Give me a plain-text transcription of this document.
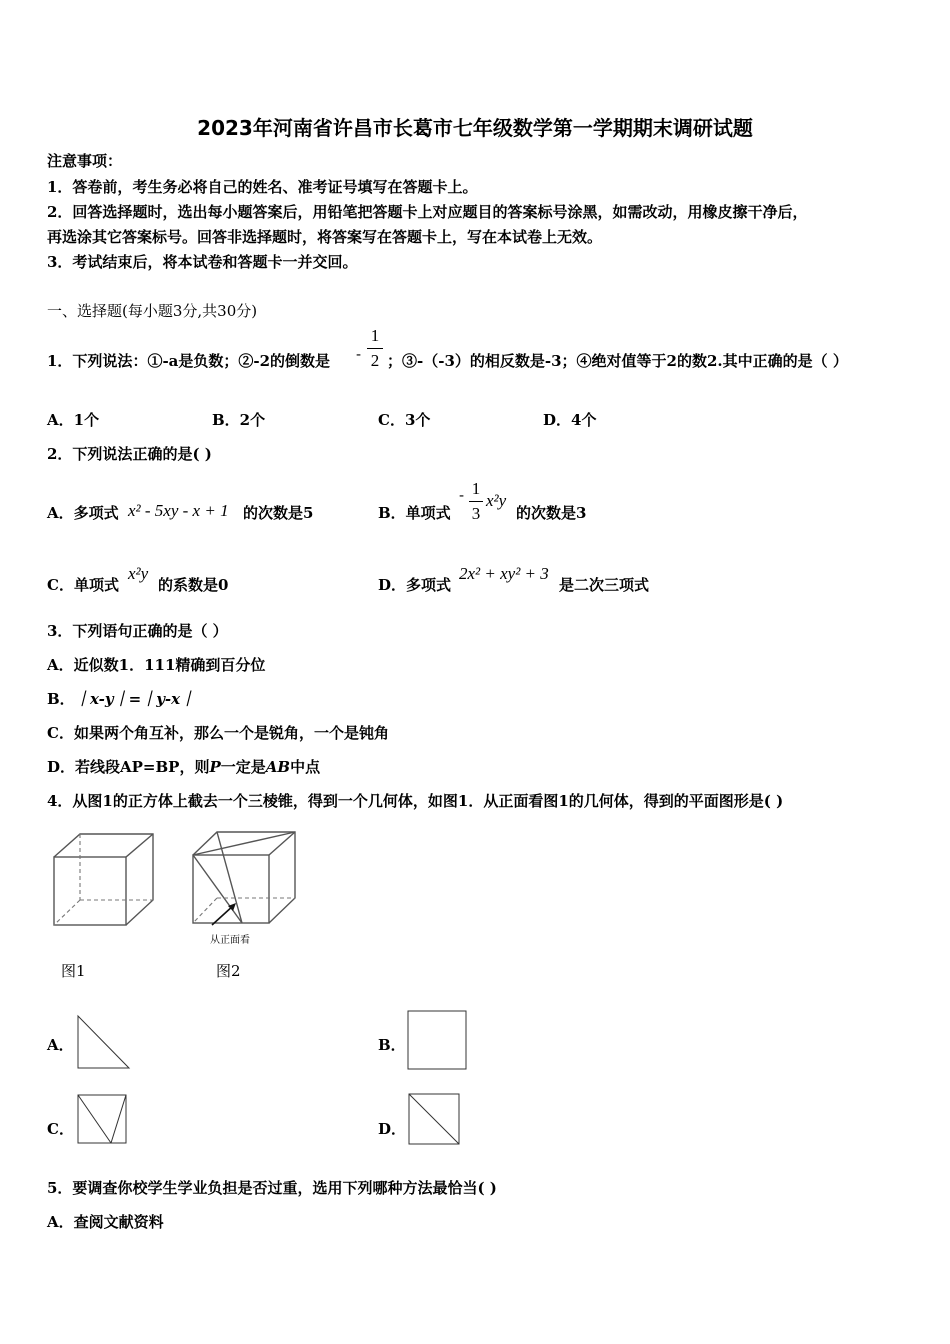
2023年河南省许昌市长葛市七年级数学第一学期期末调研试题
注意事项：
1．答卷前，考生务必将自己的姓名、准考证号填写在答题卡上。
2．回答选择题时，选出每小题答案后，用铅笔把答题卡上对应题目的答案标号涂黑，如需改动，用橡皮擦干净后，
再选涂其它答案标号。回答非选择题时，将答案写在答题卡上，写在本试卷上无效。
3．考试结束后，将本试卷和答题卡一并交回。
一、选择题(每小题3分,共30分)
1．下列说法：①-a是负数；②-2的倒数是 -
1
2 ；③-（-3）的相反数是-3；④绝对值等于2的数2.其中正确的是（ ）
A．1个	B．2个	C．3个	D．4个
2．下列说法正确的是( )
A．多项式 x² - 5xy - x + 1 的次数是5	B．单项式
- 1
3
x²y
的次数是3
C．单项式
x²y
的系数是0	D．多项式
2x² + xy² + 3
是二次三项式
3．下列语句正确的是（ ）
A．近似数1．111精确到百分位
B． ｜x-y｜=｜y-x｜
C．如果两个角互补，那么一个是锐角，一个是钝角
D．若线段AP=BP，则P一定是AB中点
4．从图1的正方体上截去一个三棱锥，得到一个几何体，如图1．从正面看图1的几何体，得到的平面图形是( )
图1
从正面看
图2
A．	B．
C．	D．
5．要调查你校学生学业负担是否过重，选用下列哪种方法最恰当( )
A．查阅文献资料
